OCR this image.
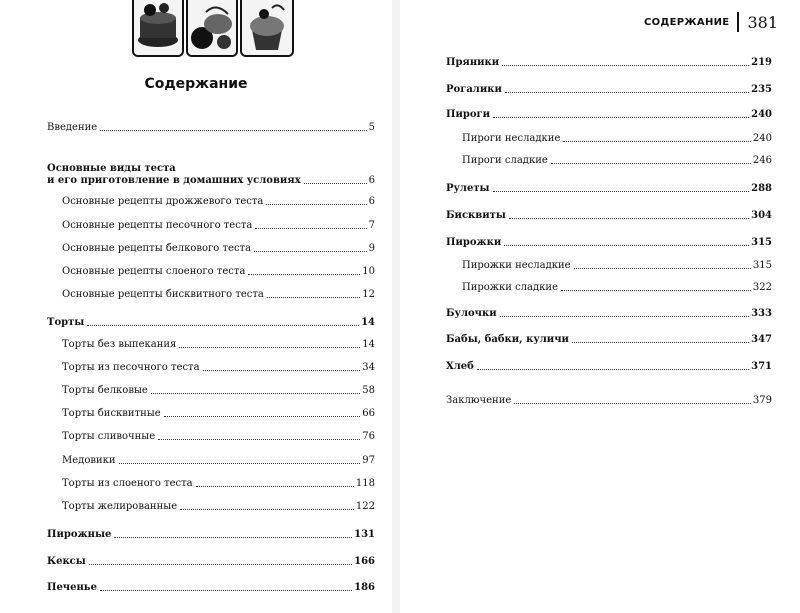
Содержание
Введение	5
Основные виды теста
и его приготовление в домашних условиях	6
Основные рецепты дрожжевого теста	6
Основные рецепты песочного теста	7
Основные рецепты белкового теста	9
Основные рецепты слоеного теста	10
Основные рецепты бисквитного теста	12
Торты	14
Торты без выпекания	14
Торты из песочного теста	34
Торты белковые	58
Торты бисквитные	66
Торты сливочные	76
Медовики	97
Торты из слоеного теста	118
Торты желированные	122
Пирожные	131
Кексы	166
Печенье	186
СОДЕРЖАНИЕ 381
Пряники	219
Рогалики	235
Пироги	240
Пироги несладкие	240
Пироги сладкие	246
Рулеты	288
Бисквиты	304
Пирожки	315
Пирожки несладкие	315
Пирожки сладкие	322
Булочки	333
Бабы, бабки, куличи	347
Хлеб	371
Заключение	379
